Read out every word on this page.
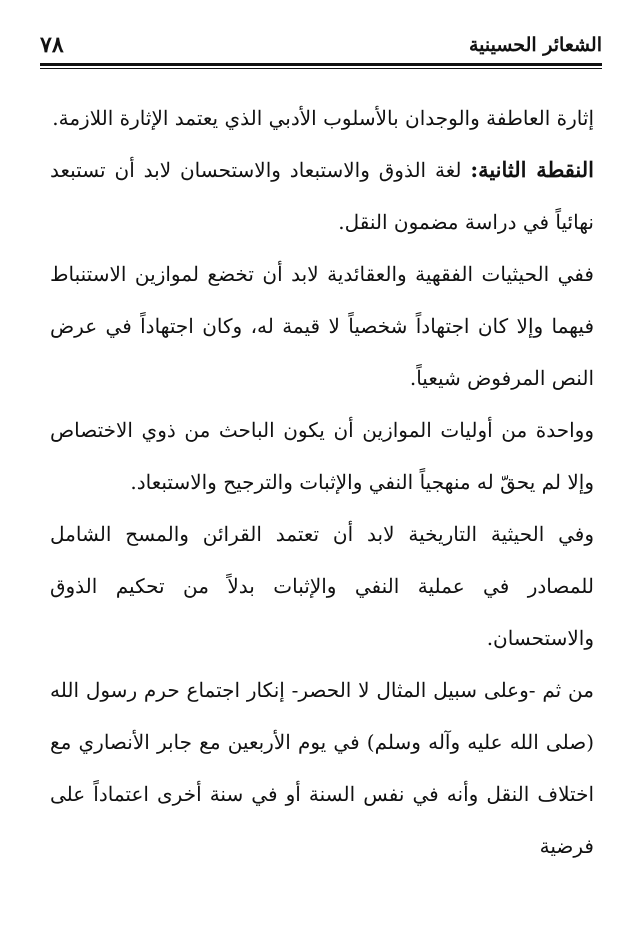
الشعائر الحسينية
٧٨

إثارة العاطفة والوجدان بالأسلوب الأدبي الذي يعتمد الإثارة اللازمة.

النقطة الثانية: لغة الذوق والاستبعاد والاستحسان لابد أن تستبعد نهائياً في دراسة مضمون النقل.

ففي الحيثيات الفقهية والعقائدية لابد أن تخضع لموازين الاستنباط فيهما وإلا كان اجتهاداً شخصياً لا قيمة له، وكان اجتهاداً في عرض النص المرفوض شيعياً.

وواحدة من أوليات الموازين أن يكون الباحث من ذوي الاختصاص وإلا لم يحقّ له منهجياً النفي والإثبات والترجيح والاستبعاد.

وفي الحيثية التاريخية لابد أن تعتمد القرائن والمسح الشامل للمصادر في عملية النفي والإثبات بدلاً من تحكيم الذوق والاستحسان.

من ثم -وعلى سبيل المثال لا الحصر- إنكار اجتماع حرم رسول الله (صلى الله عليه وآله وسلم) في يوم الأربعين مع جابر الأنصاري مع اختلاف النقل وأنه في نفس السنة أو في سنة أخرى اعتماداً على فرضية
